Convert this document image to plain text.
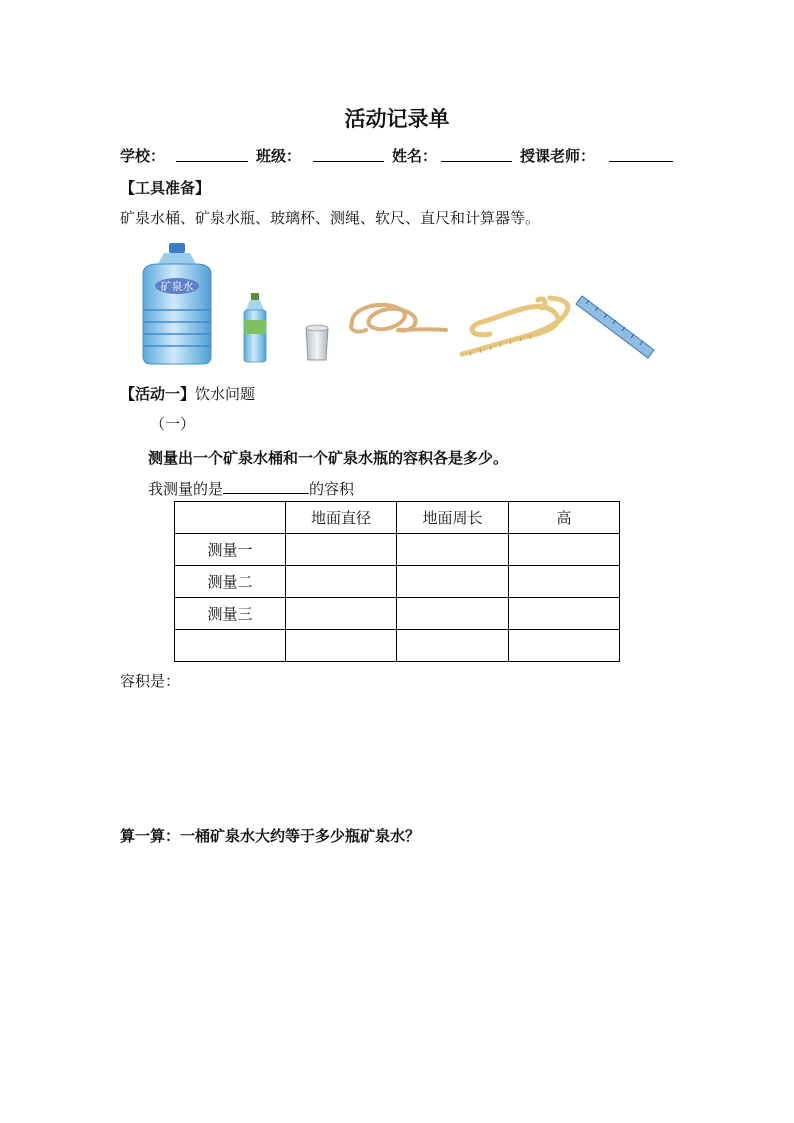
活动记录单
学校：	班级：	姓名：	授课老师：
【工具准备】
矿泉水桶、矿泉水瓶、玻璃杯、测绳、软尺、直尺和计算器等。
矿泉水
【活动一】饮水问题
（一）
测量出一个矿泉水桶和一个矿泉水瓶的容积各是多少。
我测量的是	的容积
	地面直径	地面周长	高
测量一			
测量二			
测量三			

容积是：
算一算：一桶矿泉水大约等于多少瓶矿泉水？
